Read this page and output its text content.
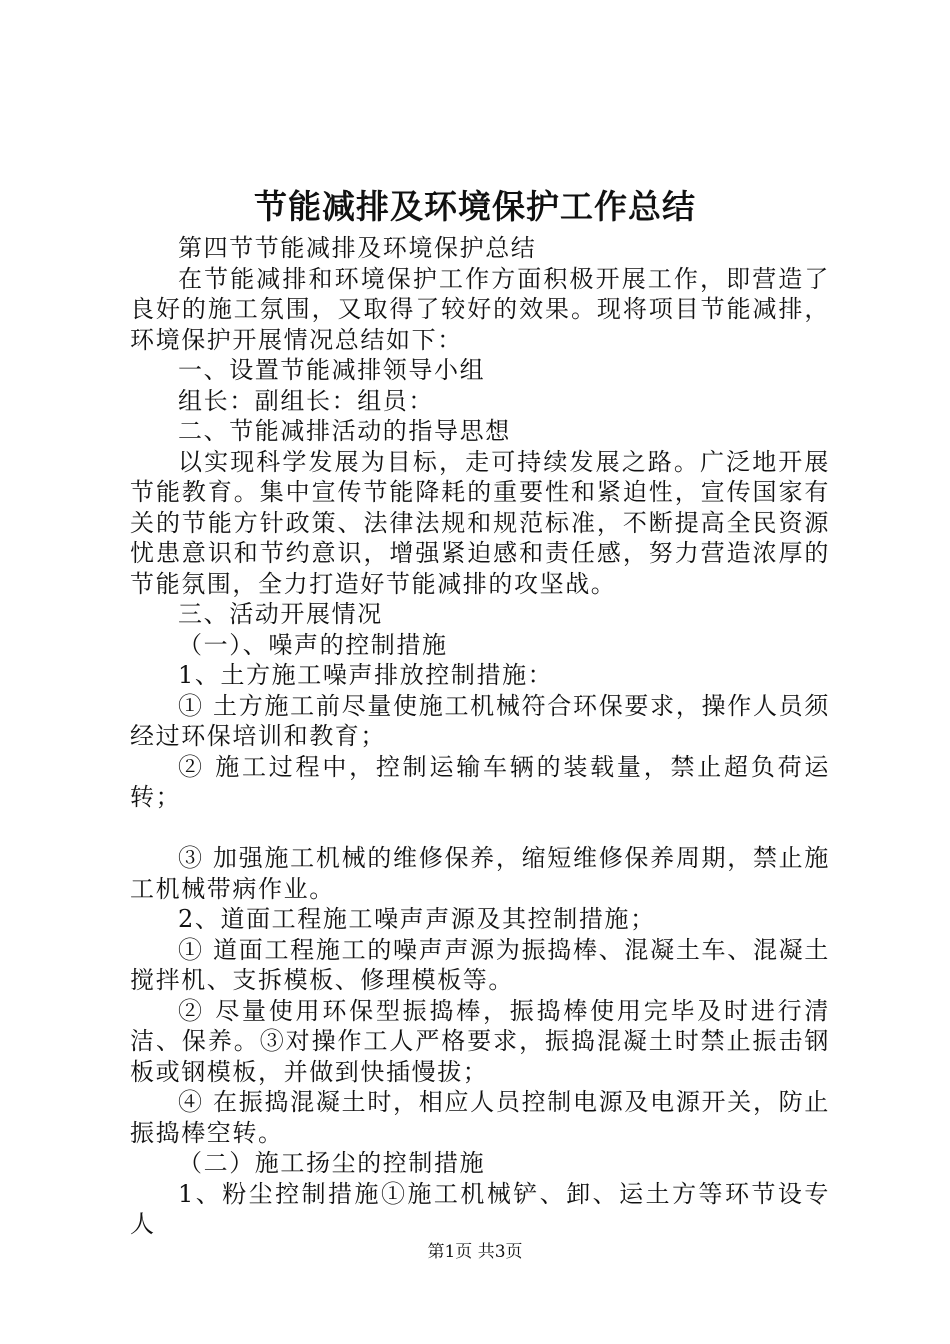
节能减排及环境保护工作总结

第四节节能减排及环境保护总结

在节能减排和环境保护工作方面积极开展工作，即营造了良好的施工氛围，又取得了较好的效果。现将项目节能减排，环境保护开展情况总结如下：

一、设置节能减排领导小组

组长：副组长：组员：

二、节能减排活动的指导思想

以实现科学发展为目标，走可持续发展之路。广泛地开展节能教育。集中宣传节能降耗的重要性和紧迫性，宣传国家有关的节能方针政策、法律法规和规范标准，不断提高全民资源忧患意识和节约意识，增强紧迫感和责任感，努力营造浓厚的节能氛围，全力打造好节能减排的攻坚战。

三、活动开展情况

（一）、噪声的控制措施

1、土方施工噪声排放控制措施：

① 土方施工前尽量使施工机械符合环保要求，操作人员须经过环保培训和教育；

② 施工过程中，控制运输车辆的装载量，禁止超负荷运转；

③ 加强施工机械的维修保养，缩短维修保养周期，禁止施工机械带病作业。

2、道面工程施工噪声声源及其控制措施；

① 道面工程施工的噪声声源为振捣棒、混凝土车、混凝土搅拌机、支拆模板、修理模板等。

② 尽量使用环保型振捣棒，振捣棒使用完毕及时进行清洁、保养。③对操作工人严格要求，振捣混凝土时禁止振击钢板或钢模板，并做到快插慢拔；

④ 在振捣混凝土时，相应人员控制电源及电源开关，防止振捣棒空转。

（二）施工扬尘的控制措施

1、粉尘控制措施①施工机械铲、卸、运土方等环节设专人

第1页 共3页
